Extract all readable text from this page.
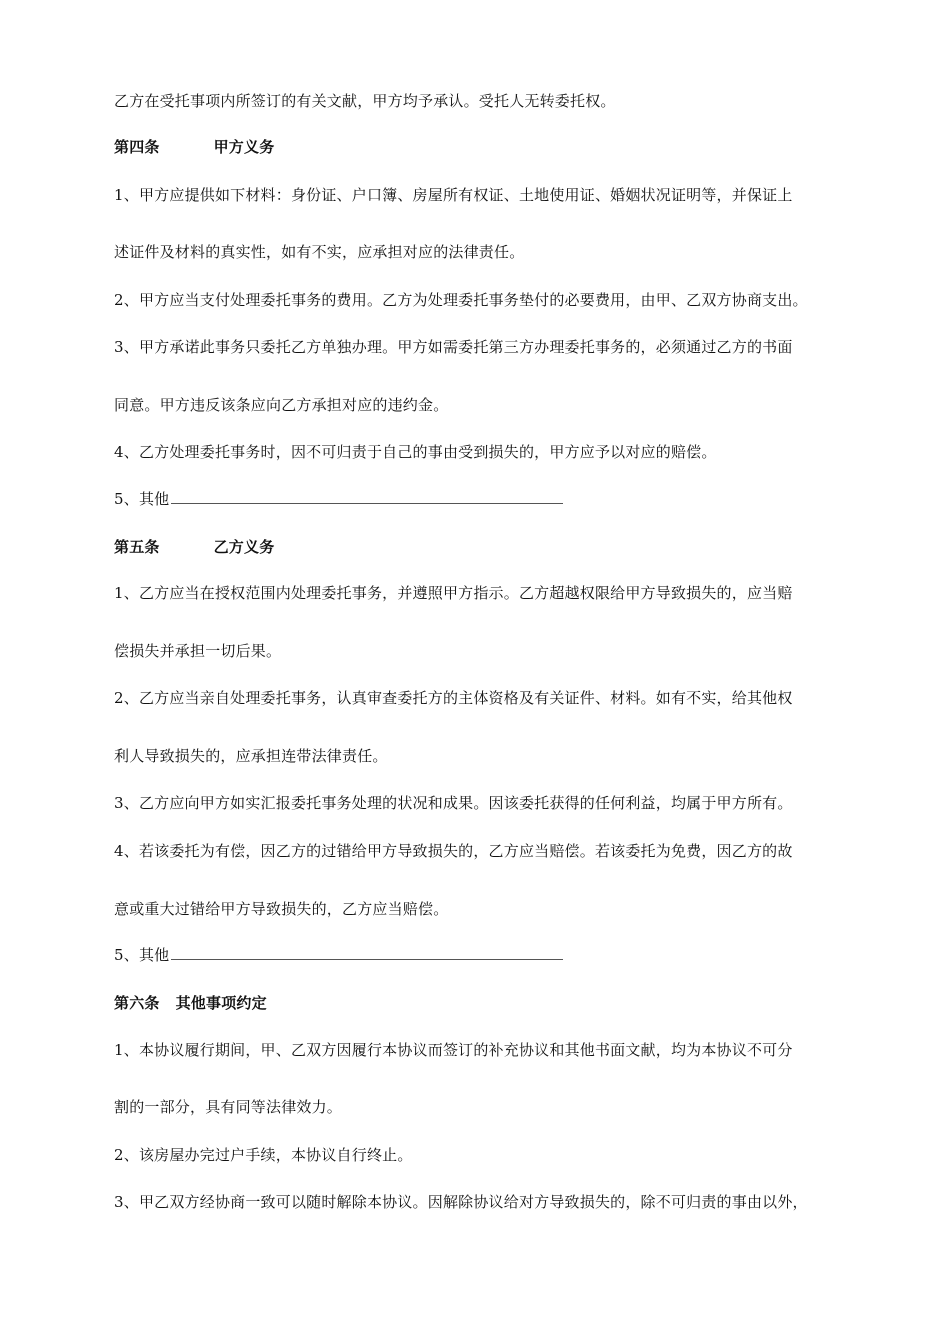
乙方在受托事项内所签订的有关文献，甲方均予承认。受托人无转委托权。
第四条	甲方义务
1、甲方应提供如下材料：身份证、户口簿、房屋所有权证、土地使用证、婚姻状况证明等，并保证上
述证件及材料的真实性，如有不实，应承担对应的法律责任。
2、甲方应当支付处理委托事务的费用。乙方为处理委托事务垫付的必要费用，由甲、乙双方协商支出。
3、甲方承诺此事务只委托乙方单独办理。甲方如需委托第三方办理委托事务的，必须通过乙方的书面
同意。甲方违反该条应向乙方承担对应的违约金。
4、乙方处理委托事务时，因不可归责于自己的事由受到损失的，甲方应予以对应的赔偿。
5、其他
第五条	乙方义务
1、乙方应当在授权范围内处理委托事务，并遵照甲方指示。乙方超越权限给甲方导致损失的，应当赔
偿损失并承担一切后果。
2、乙方应当亲自处理委托事务，认真审查委托方的主体资格及有关证件、材料。如有不实，给其他权
利人导致损失的，应承担连带法律责任。
3、乙方应向甲方如实汇报委托事务处理的状况和成果。因该委托获得的任何利益，均属于甲方所有。
4、若该委托为有偿，因乙方的过错给甲方导致损失的，乙方应当赔偿。若该委托为免费，因乙方的故
意或重大过错给甲方导致损失的，乙方应当赔偿。
5、其他
第六条 其他事项约定
1、本协议履行期间，甲、乙双方因履行本协议而签订的补充协议和其他书面文献，均为本协议不可分
割的一部分，具有同等法律效力。
2、该房屋办完过户手续，本协议自行终止。
3、甲乙双方经协商一致可以随时解除本协议。因解除协议给对方导致损失的，除不可归责的事由以外，
